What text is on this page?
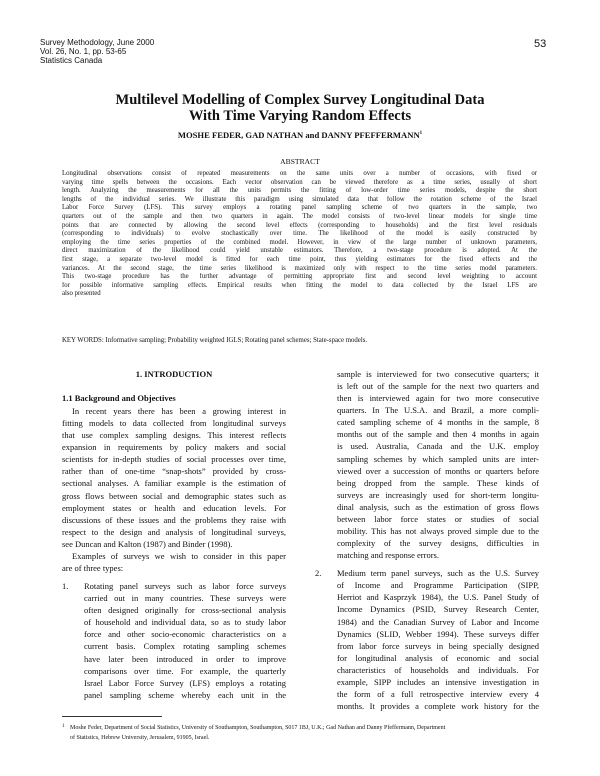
Survey Methodology, June 2000
Vol. 26, No. 1, pp. 53-65
Statistics Canada
53
Multilevel Modelling of Complex Survey Longitudinal Data
With Time Varying Random Effects
MOSHE FEDER, GAD NATHAN and DANNY PFEFFERMANN$^1$
ABSTRACT
Longitudinal observations consist of repeated measurements on the same units over a number of occasions, with fixed or
varying time spells between the occasions. Each vector observation can be viewed therefore as a time series, usually of short
length. Analyzing the measurements for all the units permits the fitting of low-order time series models, despite the short
lengths of the individual series. We illustrate this paradigm using simulated data that follow the rotation scheme of the Israel
Labor Force Survey (LFS). This survey employs a rotating panel sampling scheme of two quarters in the sample, two
quarters out of the sample and then two quarters in again. The model consists of two-level linear models for single time
points that are connected by allowing the second level effects (corresponding to households) and the first level residuals
(corresponding to individuals) to evolve stochastically over time. The likelihood of the model is easily constructed by
employing the time series properties of the combined model. However, in view of the large number of unknown parameters,
direct maximization of the likelihood could yield unstable estimators. Therefore, a two-stage procedure is adopted. At the
first stage, a separate two-level model is fitted for each time point, thus yielding estimators for the fixed effects and the
variances. At the second stage, the time series likelihood is maximized only with respect to the time series model parameters.
This two-stage procedure has the further advantage of permitting appropriate first and second level weighting to account
for possible informative sampling effects. Empirical results when fitting the model to data collected by the Israel LFS are
also presented
KEY WORDS: Informative sampling; Probability weighted IGLS; Rotating panel schemes; State-space models.
1. INTRODUCTION
1.1 Background and Objectives
In recent years there has been a growing interest in
fitting models to data collected from longitudinal surveys
that use complex sampling designs. This interest reflects
expansion in requirements by policy makers and social
scientists for in-depth studies of social processes over time,
rather than of one-time “snap-shots” provided by cross-
sectional analyses. A familiar example is the estimation of
gross flows between social and demographic states such as
employment states or health and education levels. For
discussions of these issues and the problems they raise with
respect to the design and analysis of longitudinal surveys,
see Duncan and Kalton (1987) and Binder (1998).
Examples of surveys we wish to consider in this paper
are of three types:
1.	Rotating panel surveys such as labor force surveys
carried out in many countries. These surveys were
often designed originally for cross-sectional analysis
of household and individual data, so as to study labor
force and other socio-economic characteristics on a
current basis. Complex rotating sampling schemes
have later been introduced in order to improve
comparisons over time. For example, the quarterly
Israel Labor Force Survey (LFS) employs a rotating
panel sampling scheme whereby each unit in the
sample is interviewed for two consecutive quarters; it
is left out of the sample for the next two quarters and
then is interviewed again for two more consecutive
quarters. In The U.S.A. and Brazil, a more compli-
cated sampling scheme of 4 months in the sample, 8
months out of the sample and then 4 months in again
is used. Australia, Canada and the U.K. employ
sampling schemes by which sampled units are inter-
viewed over a succession of months or quarters before
being dropped from the sample. These kinds of
surveys are increasingly used for short-term longitu-
dinal analysis, such as the estimation of gross flows
between labor force states or studies of social
mobility. This has not always proved simple due to the
complexity of the survey designs, difficulties in
matching and response errors.
2.	Medium term panel surveys, such as the U.S. Survey
of Income and Programme Participation (SIPP,
Herriot and Kasprzyk 1984), the U.S. Panel Study of
Income Dynamics (PSID, Survey Research Center,
1984) and the Canadian Survey of Labor and Income
Dynamics (SLID, Webber 1994). These surveys differ
from labor force surveys in being specially designed
for longitudinal analysis of economic and social
characteristics of households and individuals. For
example, SIPP includes an intensive investigation in
the form of a full retrospective interview every 4
months. It provides a complete work history for the
1 Moshe Feder, Department of Social Statistics, University of Southampton, Southampton, S017 1BJ, U.K.; Gad Nathan and Danny Pfeffermann, Department
of Statistics, Hebrew University, Jerusalem, 91905, Israel.
